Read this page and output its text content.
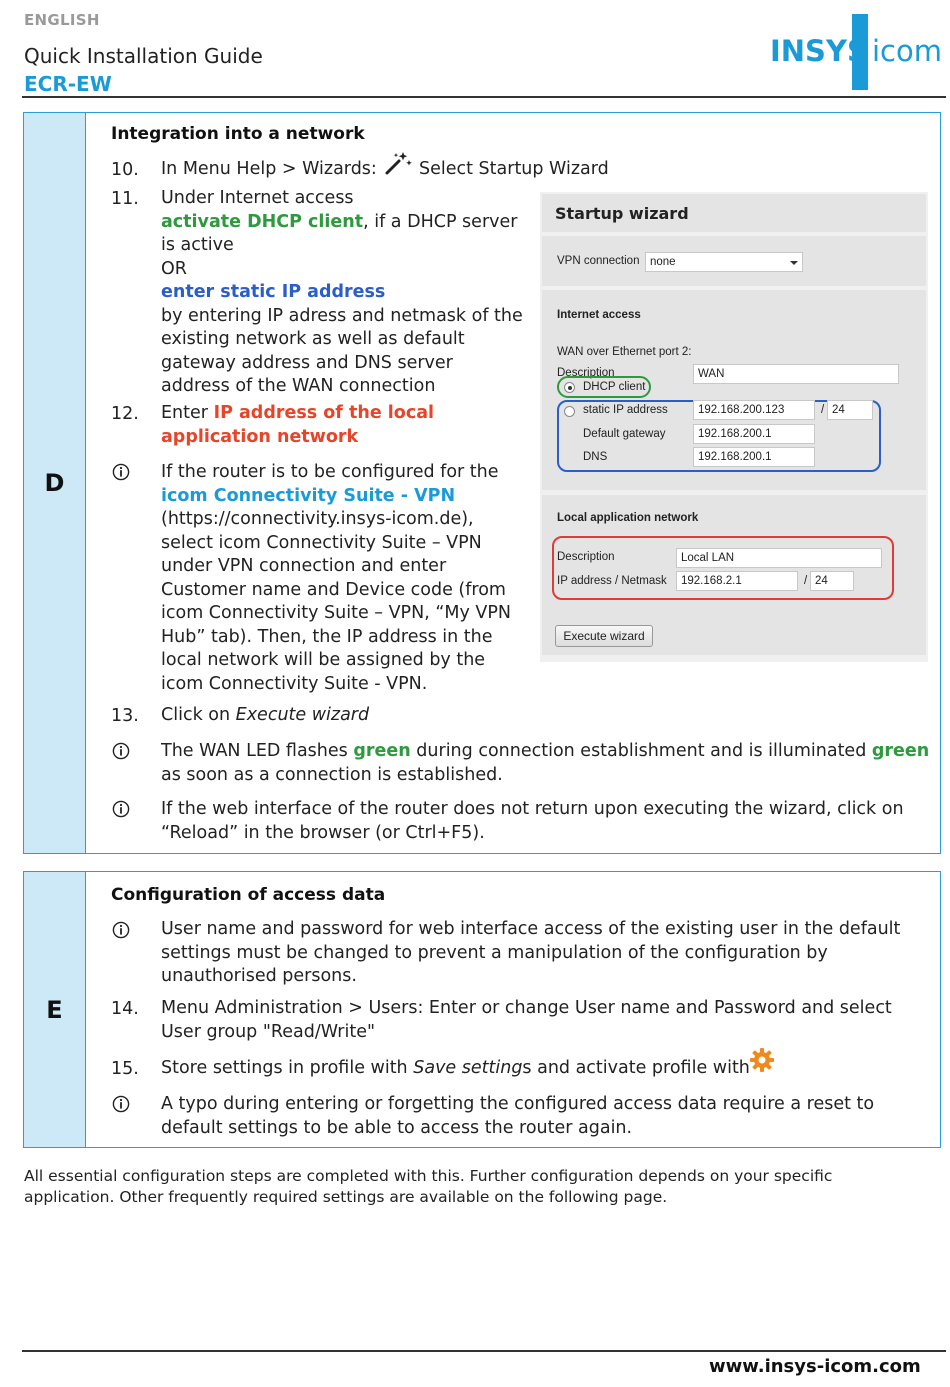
ENGLISH
Quick Installation Guide
ECR-EW
INSYS icom
D
Integration into a network
10. In Menu Help > Wizards: Select Startup Wizard
11. Under Internet access
activate DHCP client, if a DHCP server
is active
OR
enter static IP address
by entering IP adress and netmask of the
existing network as well as default
gateway address and DNS server
address of the WAN connection
12. Enter IP address of the local
application network
If the router is to be configured for the
icom Connectivity Suite - VPN
(https://connectivity.insys-icom.de),
select icom Connectivity Suite – VPN
under VPN connection and enter
Customer name and Device code (from
icom Connectivity Suite – VPN, “My VPN
Hub” tab). Then, the IP address in the
local network will be assigned by the
icom Connectivity Suite - VPN.
13. Click on Execute wizard
The WAN LED flashes green during connection establishment and is illuminated green
as soon as a connection is established.
If the web interface of the router does not return upon executing the wizard, click on
“Reload” in the browser (or Ctrl+F5).
Startup wizard
VPN connection none
Internet access
WAN over Ethernet port 2:
Description	WAN
DHCP client
static IP address	192.168.200.123	/ 24
Default gateway	192.168.200.1
DNS	192.168.200.1
Local application network
Description	Local LAN
IP address / Netmask	192.168.2.1	/ 24
Execute wizard
E
Configuration of access data
User name and password for web interface access of the existing user in the default
settings must be changed to prevent a manipulation of the configuration by
unauthorised persons.
14. Menu Administration > Users: Enter or change User name and Password and select
User group "Read/Write"
15. Store settings in profile with Save settings and activate profile with
A typo during entering or forgetting the configured access data require a reset to
default settings to be able to access the router again.
All essential configuration steps are completed with this. Further configuration depends on your specific
application. Other frequently required settings are available on the following page.
www.insys-icom.com
